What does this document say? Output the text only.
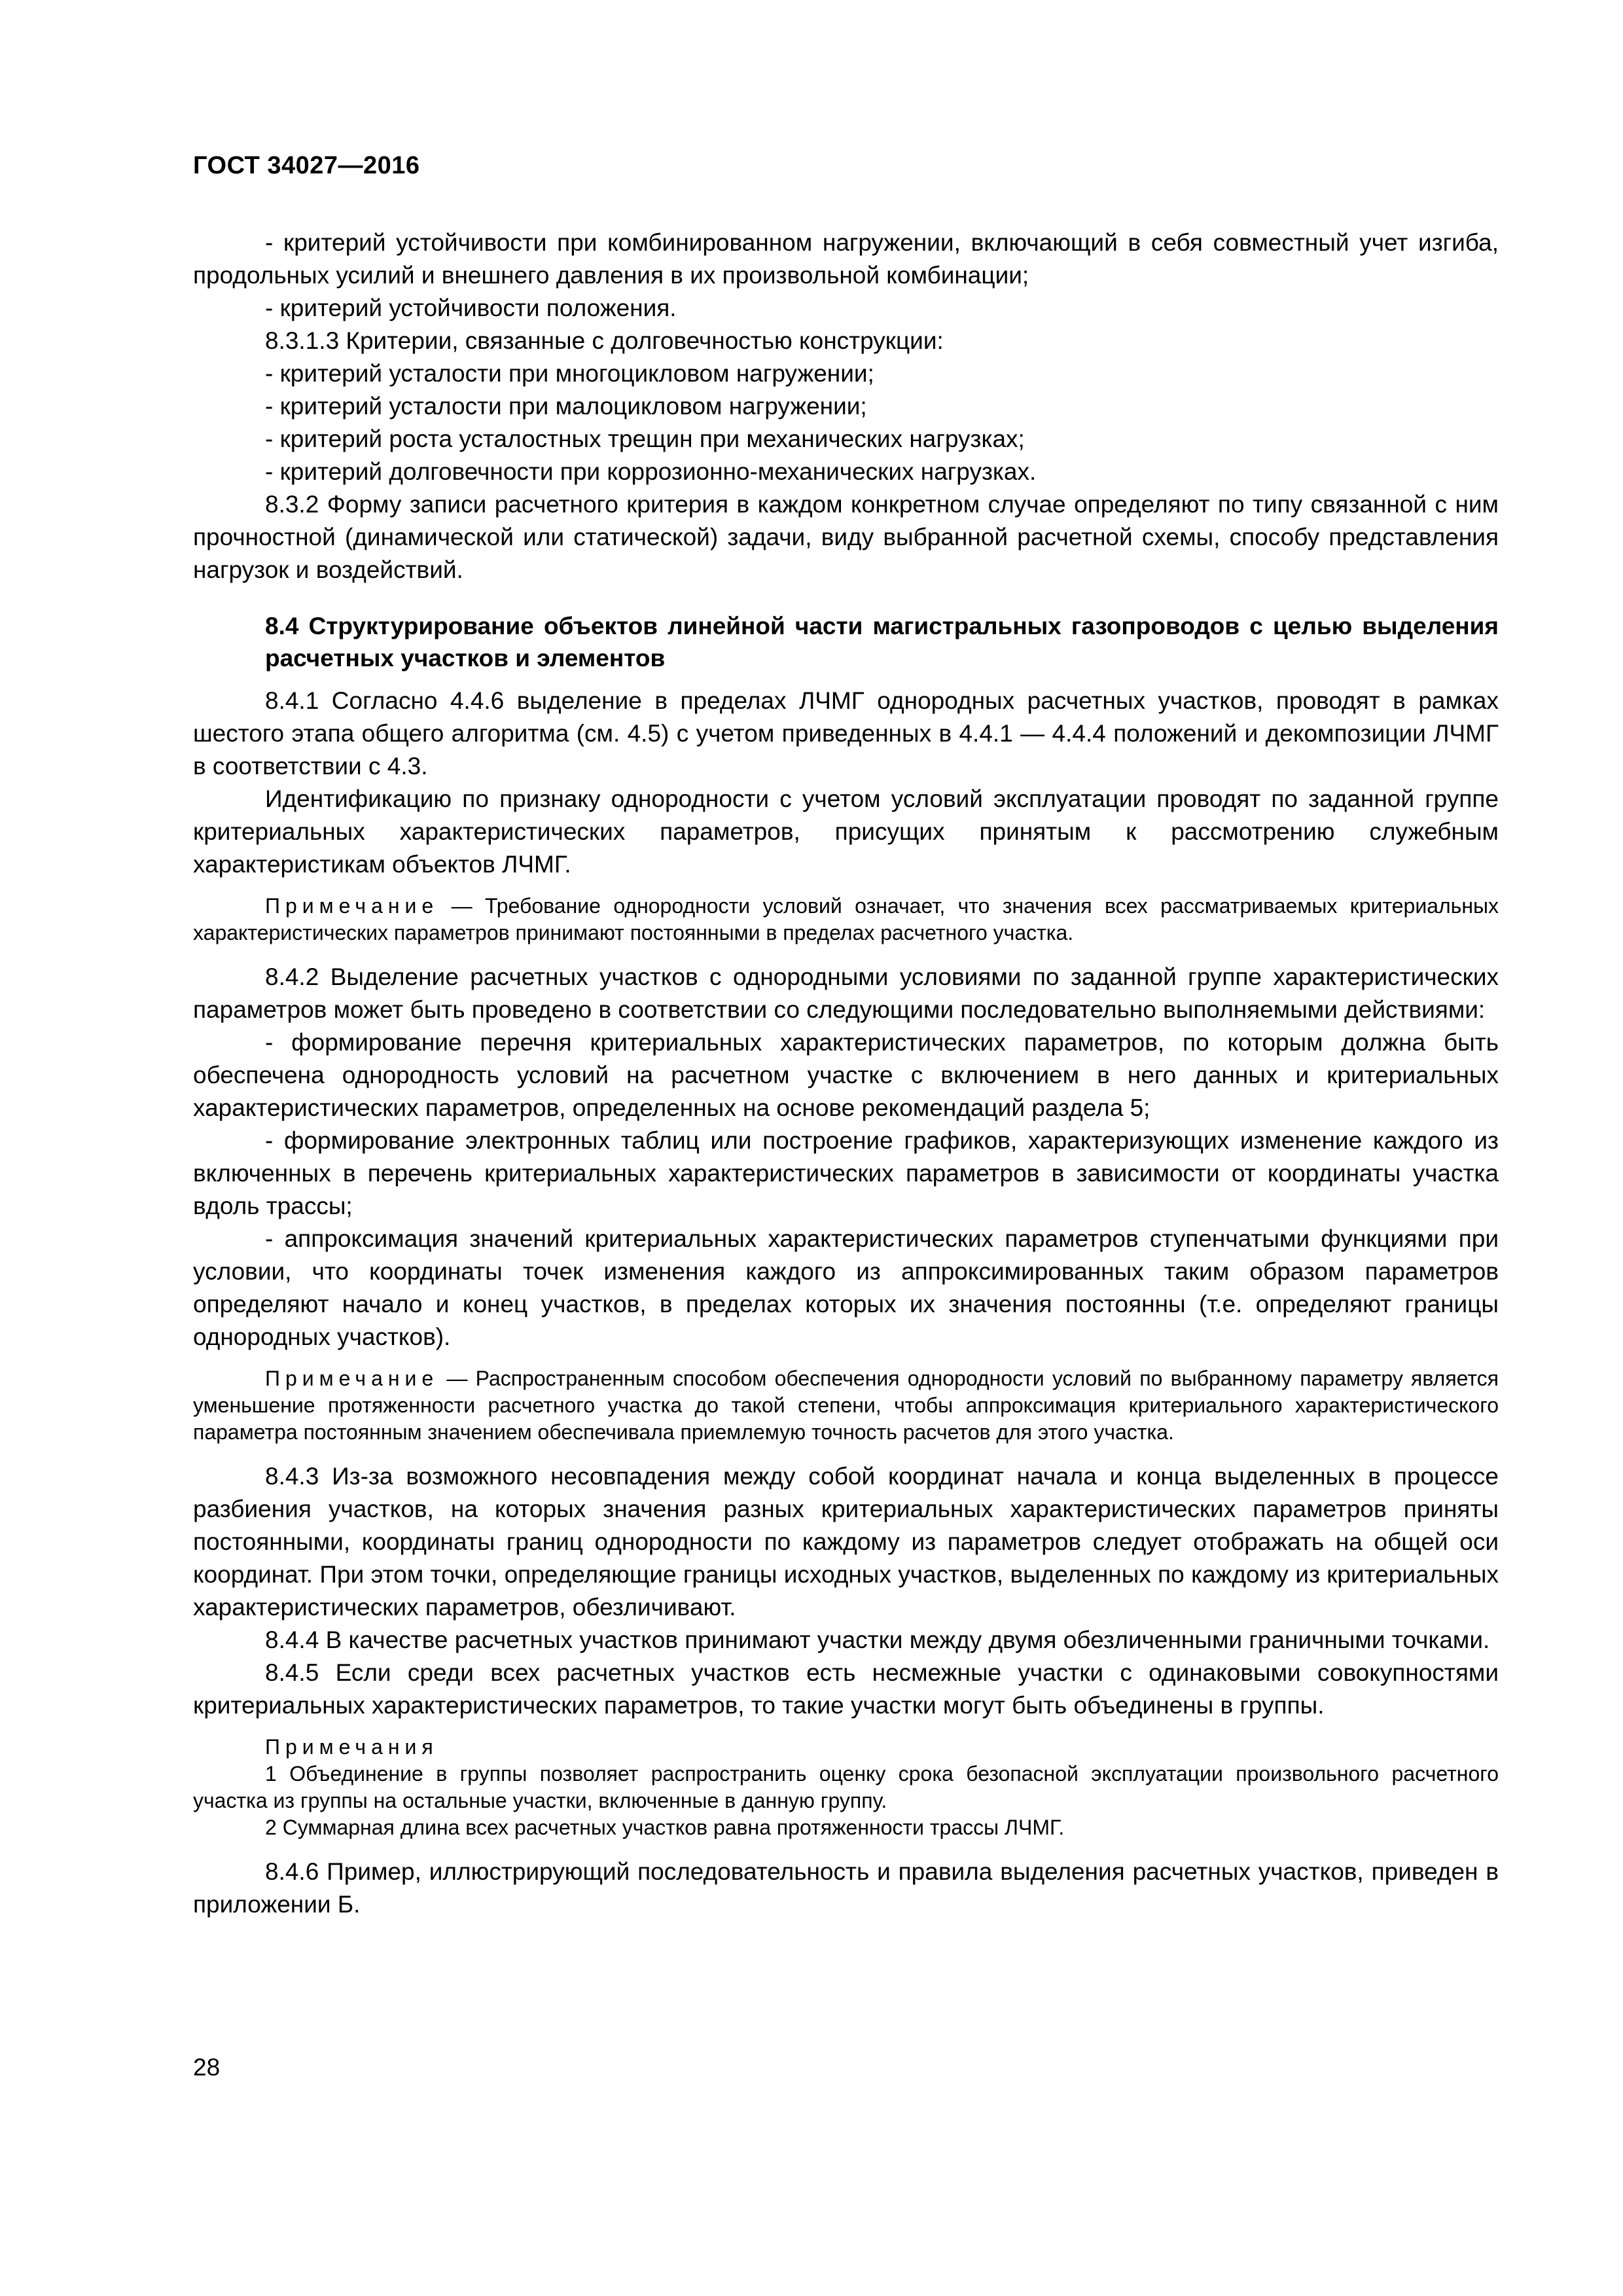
ГОСТ 34027—2016

- критерий устойчивости при комбинированном нагружении, включающий в себя совместный учет изгиба, продольных усилий и внешнего давления в их произвольной комбинации;

- критерий устойчивости положения.

8.3.1.3 Критерии, связанные с долговечностью конструкции:

- критерий усталости при многоцикловом нагружении;

- критерий усталости при малоцикловом нагружении;

- критерий роста усталостных трещин при механических нагрузках;

- критерий долговечности при коррозионно-механических нагрузках.

8.3.2 Форму записи расчетного критерия в каждом конкретном случае определяют по типу связанной с ним прочностной (динамической или статической) задачи, виду выбранной расчетной схемы, способу представления нагрузок и воздействий.

8.4 Структурирование объектов линейной части магистральных газопроводов с целью выделения расчетных участков и элементов

8.4.1 Согласно 4.4.6 выделение в пределах ЛЧМГ однородных расчетных участков, проводят в рамках шестого этапа общего алгоритма (см. 4.5) с учетом приведенных в 4.4.1 — 4.4.4 положений и декомпозиции ЛЧМГ в соответствии с 4.3.

Идентификацию по признаку однородности с учетом условий эксплуатации проводят по заданной группе критериальных характеристических параметров, присущих принятым к рассмотрению служебным характеристикам объектов ЛЧМГ.

Примечание — Требование однородности условий означает, что значения всех рассматриваемых критериальных характеристических параметров принимают постоянными в пределах расчетного участка.

8.4.2 Выделение расчетных участков с однородными условиями по заданной группе характеристических параметров может быть проведено в соответствии со следующими последовательно выполняемыми действиями:

- формирование перечня критериальных характеристических параметров, по которым должна быть обеспечена однородность условий на расчетном участке с включением в него данных и критериальных характеристических параметров, определенных на основе рекомендаций раздела 5;

- формирование электронных таблиц или построение графиков, характеризующих изменение каждого из включенных в перечень критериальных характеристических параметров в зависимости от координаты участка вдоль трассы;

- аппроксимация значений критериальных характеристических параметров ступенчатыми функциями при условии, что координаты точек изменения каждого из аппроксимированных таким образом параметров определяют начало и конец участков, в пределах которых их значения постоянны (т.е. определяют границы однородных участков).

Примечание — Распространенным способом обеспечения однородности условий по выбранному параметру является уменьшение протяженности расчетного участка до такой степени, чтобы аппроксимация критериального характеристического параметра постоянным значением обеспечивала приемлемую точность расчетов для этого участка.

8.4.3 Из-за возможного несовпадения между собой координат начала и конца выделенных в процессе разбиения участков, на которых значения разных критериальных характеристических параметров приняты постоянными, координаты границ однородности по каждому из параметров следует отображать на общей оси координат. При этом точки, определяющие границы исходных участков, выделенных по каждому из критериальных характеристических параметров, обезличивают.

8.4.4 В качестве расчетных участков принимают участки между двумя обезличенными граничными точками.

8.4.5 Если среди всех расчетных участков есть несмежные участки с одинаковыми совокупностями критериальных характеристических параметров, то такие участки могут быть объединены в группы.

Примечания

1 Объединение в группы позволяет распространить оценку срока безопасной эксплуатации произвольного расчетного участка из группы на остальные участки, включенные в данную группу.

2 Суммарная длина всех расчетных участков равна протяженности трассы ЛЧМГ.

8.4.6 Пример, иллюстрирующий последовательность и правила выделения расчетных участков, приведен в приложении Б.

28
